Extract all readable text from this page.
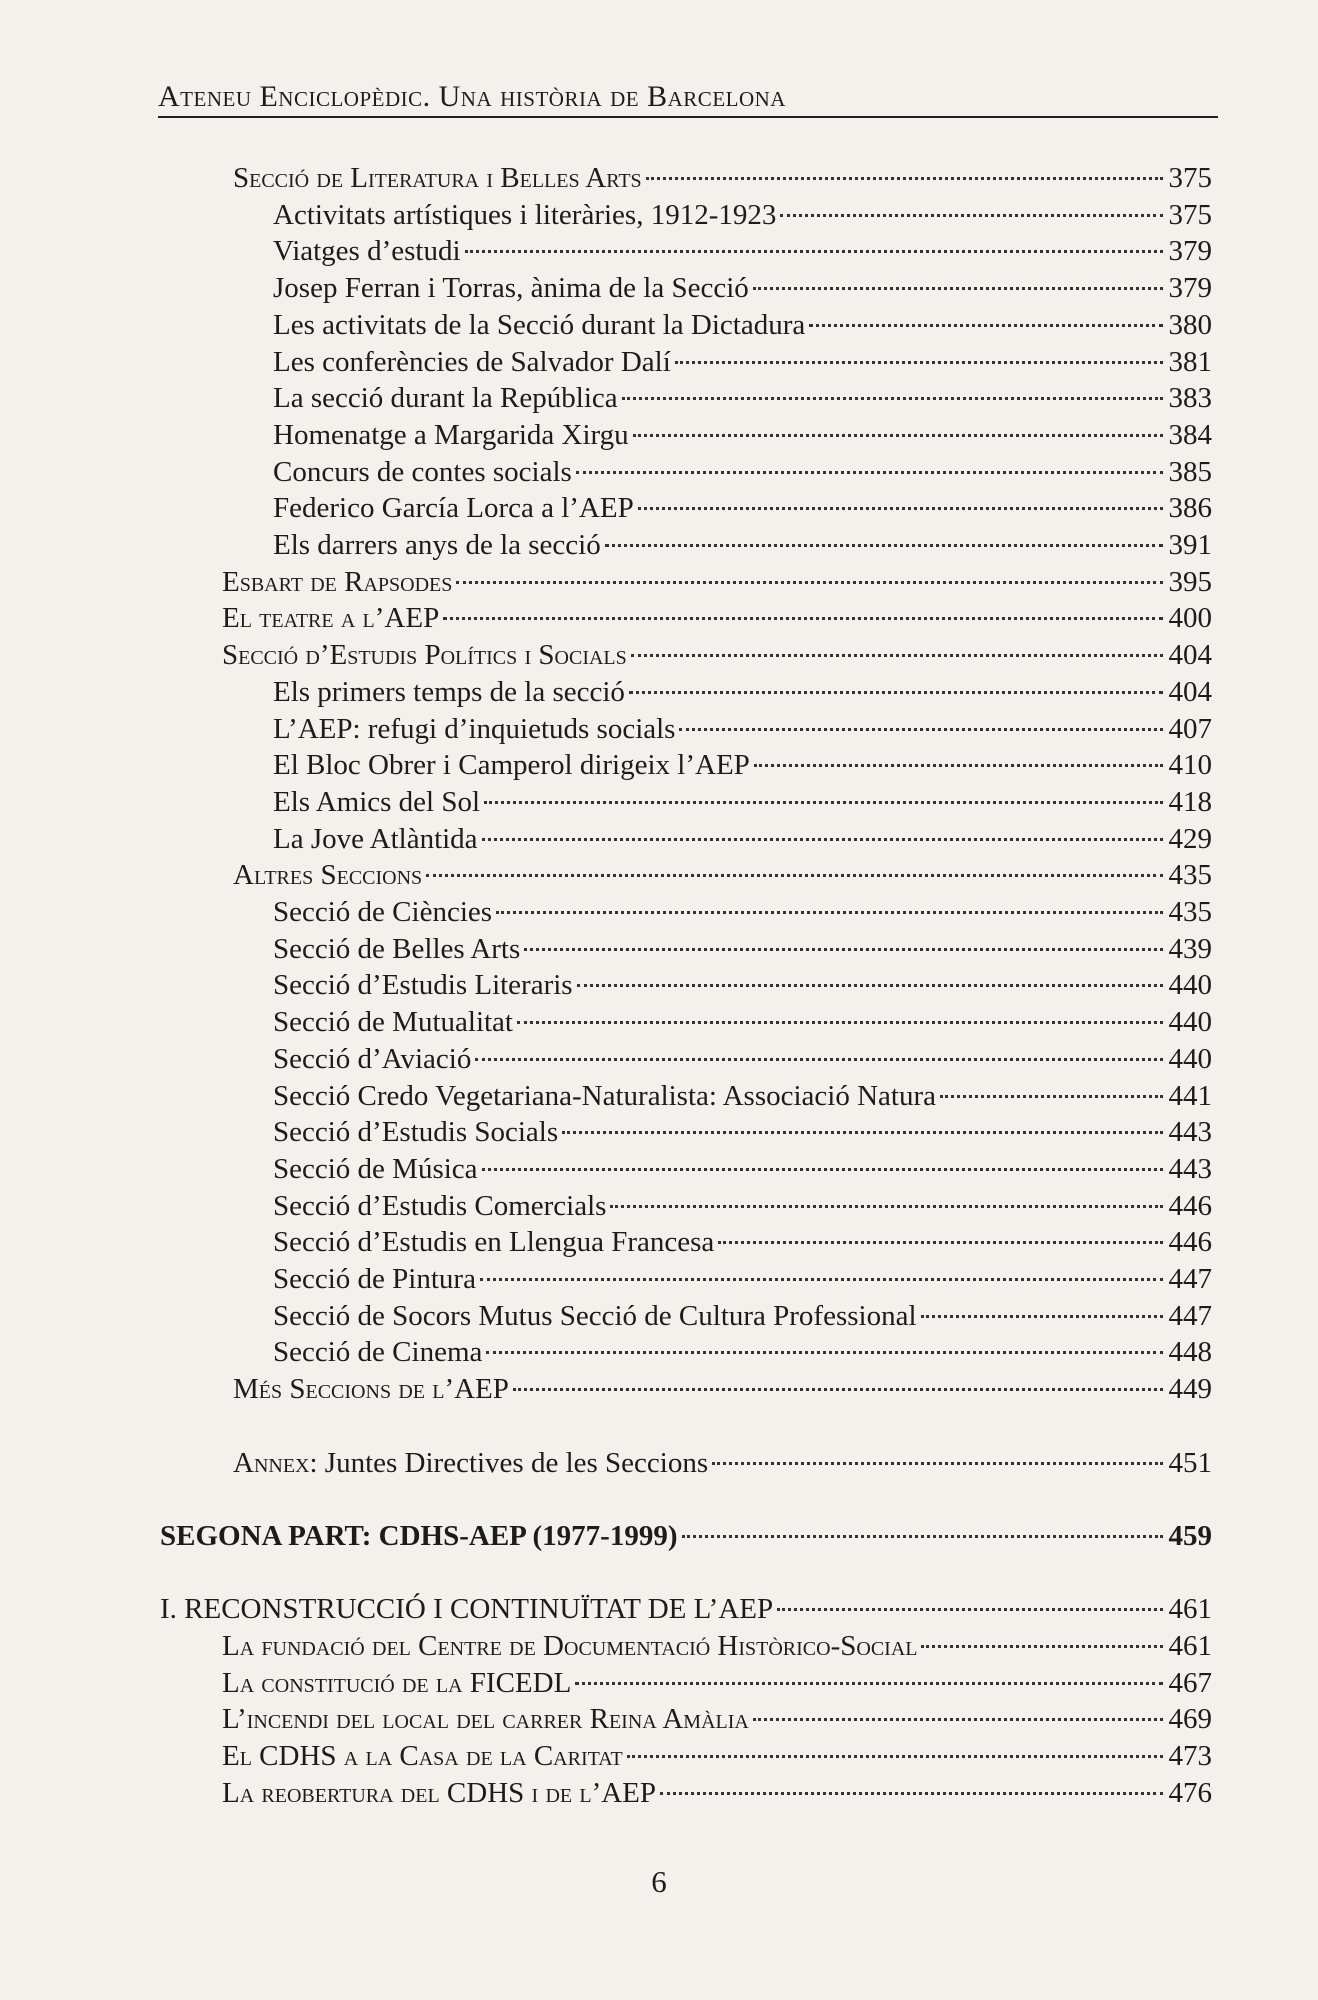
Ateneu Enciclopèdic. Una història de Barcelona
Secció de Literatura i Belles Arts	375
Activitats artístiques i literàries, 1912-1923	375
Viatges d’estudi	379
Josep Ferran i Torras, ànima de la Secció	379
Les activitats de la Secció durant la Dictadura	380
Les conferències de Salvador Dalí	381
La secció durant la República	383
Homenatge a Margarida Xirgu	384
Concurs de contes socials	385
Federico García Lorca a l’AEP	386
Els darrers anys de la secció	391
Esbart de Rapsodes	395
El teatre a l’AEP	400
Secció d’Estudis Polítics i Socials	404
Els primers temps de la secció	404
L’AEP: refugi d’inquietuds socials	407
El Bloc Obrer i Camperol dirigeix l’AEP	410
Els Amics del Sol	418
La Jove Atlàntida	429
Altres Seccions	435
Secció de Ciències	435
Secció de Belles Arts	439
Secció d’Estudis Literaris	440
Secció de Mutualitat	440
Secció d’Aviació	440
Secció Credo Vegetariana-Naturalista: Associació Natura	441
Secció d’Estudis Socials	443
Secció de Música	443
Secció d’Estudis Comercials	446
Secció d’Estudis en Llengua Francesa	446
Secció de Pintura	447
Secció de Socors Mutus Secció de Cultura Professional	447
Secció de Cinema	448
Més Seccions de l’AEP	449
Annex: Juntes Directives de les Seccions	451
SEGONA PART: CDHS-AEP (1977-1999)	459
I. RECONSTRUCCIÓ I CONTINUÏTAT DE L’AEP	461
La fundació del Centre de Documentació Històrico-Social	461
La constitució de la FICEDL	467
L’incendi del local del carrer Reina Amàlia	469
El CDHS a la Casa de la Caritat	473
La reobertura del CDHS i de l’AEP	476
6
